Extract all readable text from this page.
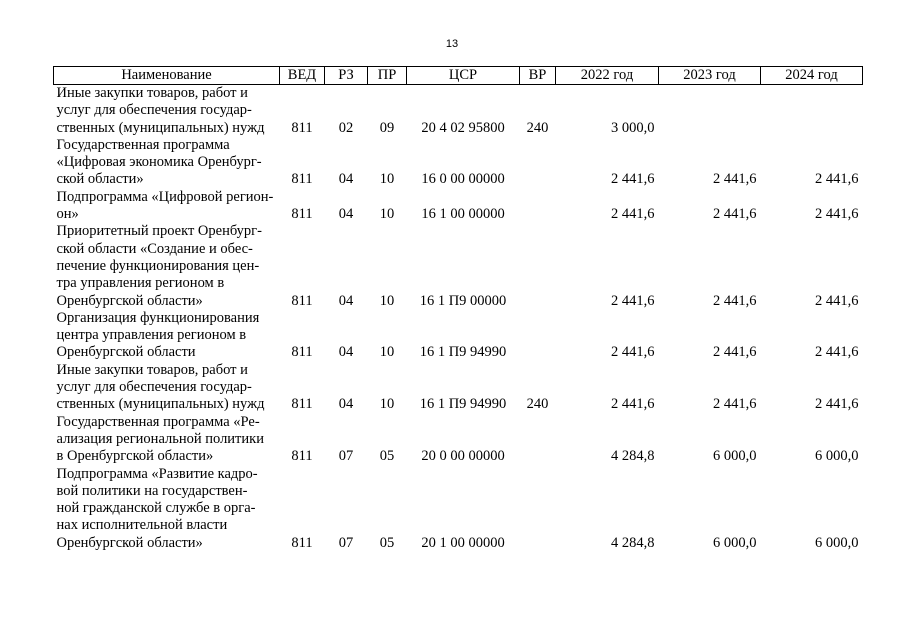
13
Наименование	ВЕД	РЗ	ПР	ЦСР	ВР	2022 год	2023 год	2024 год

Иные закупки товаров, работ и
услуг для обеспечения государ-
ственных (муниципальных) нужд	811	02	09	20 4 02 95800	240	3 000,0		

Государственная программа
«Цифровая экономика Оренбург-
ской области»	811	04	10	16 0 00 00000		2 441,6	2 441,6	2 441,6

Подпрограмма «Цифровой регион-
он»	811	04	10	16 1 00 00000		2 441,6	2 441,6	2 441,6

Приоритетный проект Оренбург-
ской области «Создание и обес-
печение функционирования цен-
тра управления регионом в
Оренбургской области»	811	04	10	16 1 П9 00000		2 441,6	2 441,6	2 441,6

Организация функционирования
центра управления регионом в
Оренбургской области	811	04	10	16 1 П9 94990		2 441,6	2 441,6	2 441,6

Иные закупки товаров, работ и
услуг для обеспечения государ-
ственных (муниципальных) нужд	811	04	10	16 1 П9 94990	240	2 441,6	2 441,6	2 441,6

Государственная программа «Ре-
ализация региональной политики
в Оренбургской области»	811	07	05	20 0 00 00000		4 284,8	6 000,0	6 000,0

Подпрограмма «Развитие кадро-
вой политики на государствен-
ной гражданской службе в орга-
нах исполнительной власти
Оренбургской области»	811	07	05	20 1 00 00000		4 284,8	6 000,0	6 000,0
